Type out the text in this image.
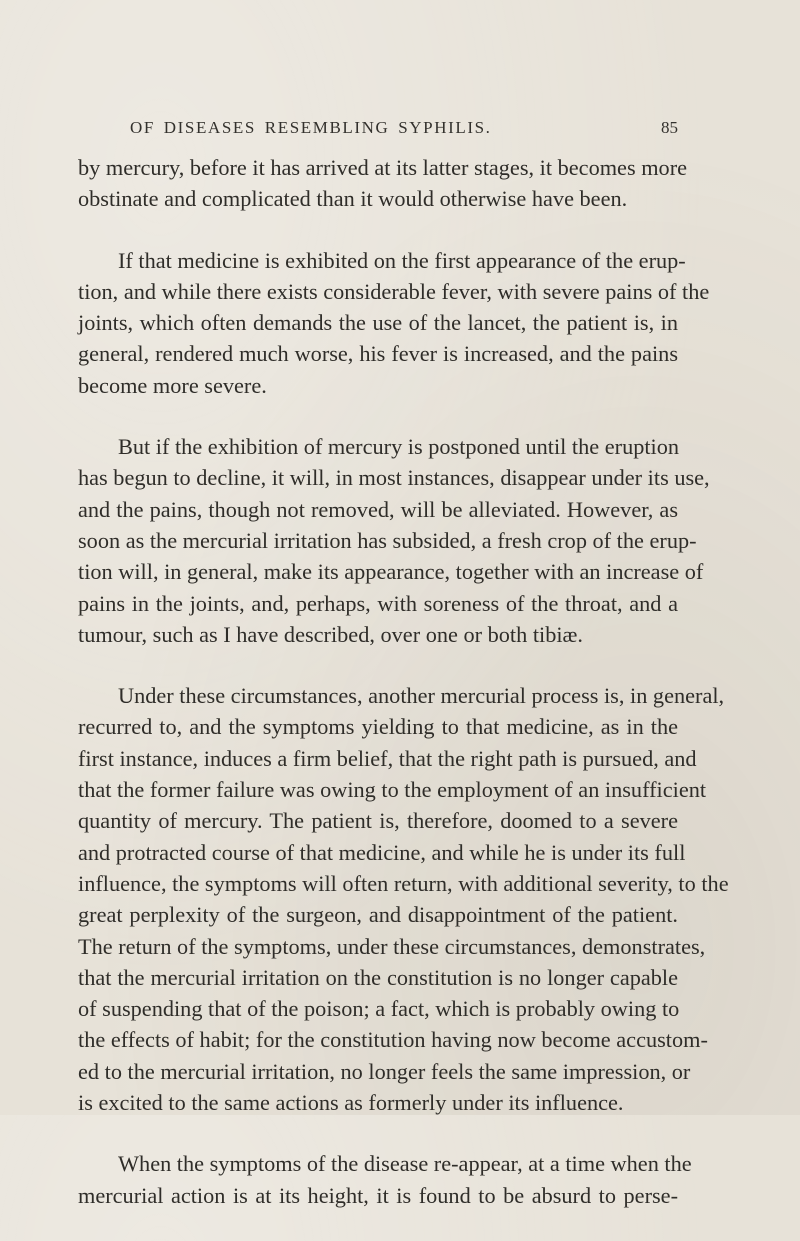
OF DISEASES RESEMBLING SYPHILIS.	85
by mercury, before it has arrived at its latter stages, it becomes more
obstinate and complicated than it would otherwise have been.
If that medicine is exhibited on the first appearance of the erup-
tion, and while there exists considerable fever, with severe pains of the
joints, which often demands the use of the lancet, the patient is, in
general, rendered much worse, his fever is increased, and the pains
become more severe.
But if the exhibition of mercury is postponed until the eruption
has begun to decline, it will, in most instances, disappear under its use,
and the pains, though not removed, will be alleviated. However, as
soon as the mercurial irritation has subsided, a fresh crop of the erup-
tion will, in general, make its appearance, together with an increase of
pains in the joints, and, perhaps, with soreness of the throat, and a
tumour, such as I have described, over one or both tibiæ.
Under these circumstances, another mercurial process is, in general,
recurred to, and the symptoms yielding to that medicine, as in the
first instance, induces a firm belief, that the right path is pursued, and
that the former failure was owing to the employment of an insufficient
quantity of mercury. The patient is, therefore, doomed to a severe
and protracted course of that medicine, and while he is under its full
influence, the symptoms will often return, with additional severity, to the
great perplexity of the surgeon, and disappointment of the patient.
The return of the symptoms, under these circumstances, demonstrates,
that the mercurial irritation on the constitution is no longer capable
of suspending that of the poison; a fact, which is probably owing to
the effects of habit; for the constitution having now become accustom-
ed to the mercurial irritation, no longer feels the same impression, or
is excited to the same actions as formerly under its influence.
When the symptoms of the disease re-appear, at a time when the
mercurial action is at its height, it is found to be absurd to perse-
